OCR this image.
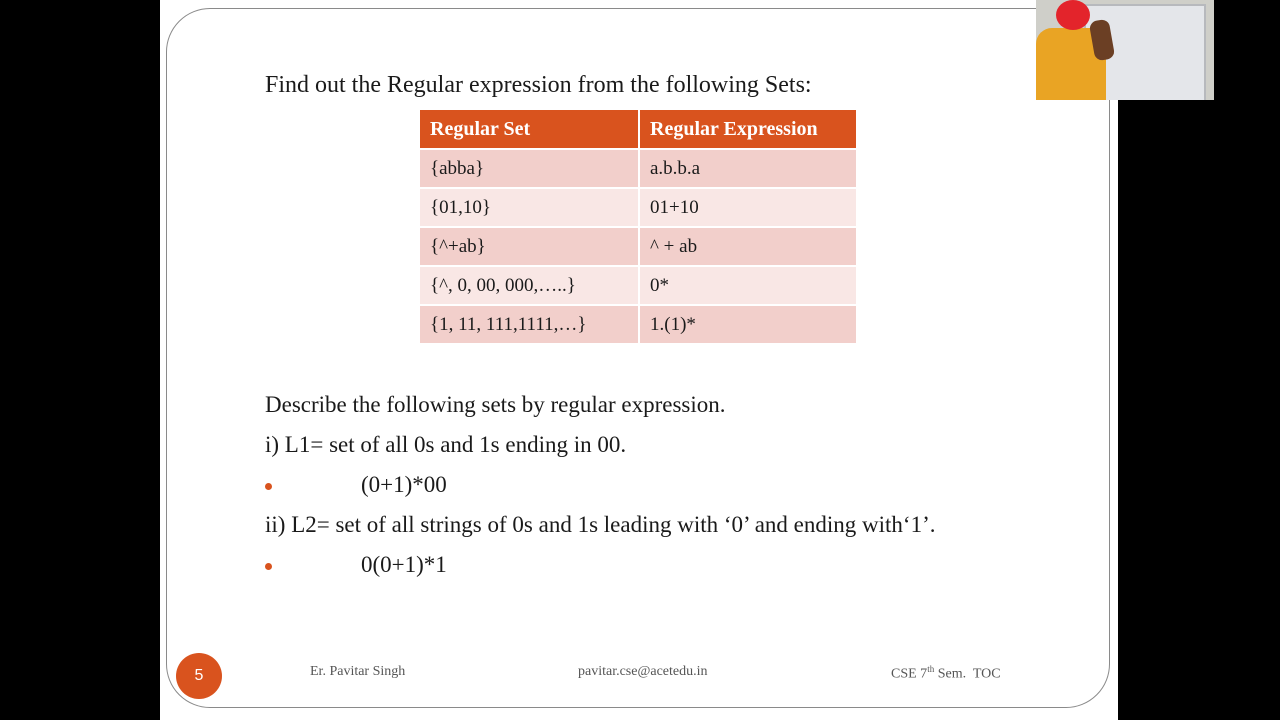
Find out the Regular expression from the following Sets:
Regular Set	Regular Expression
{abba}	a.b.b.a
{01,10}	01+10
{^+ab}	^ + ab
{^, 0, 00, 000,…..}	0*
{1, 11, 111,1111,…}	1.(1)*
Describe the following sets by regular expression.
i) L1= set of all 0s and 1s ending in 00.
(0+1)*00
ii) L2= set of all strings of 0s and 1s leading with ‘0’ and ending with‘1’.
0(0+1)*1
5	Er. Pavitar Singh	pavitar.cse@acetedu.in	CSE 7th Sem.  TOC
